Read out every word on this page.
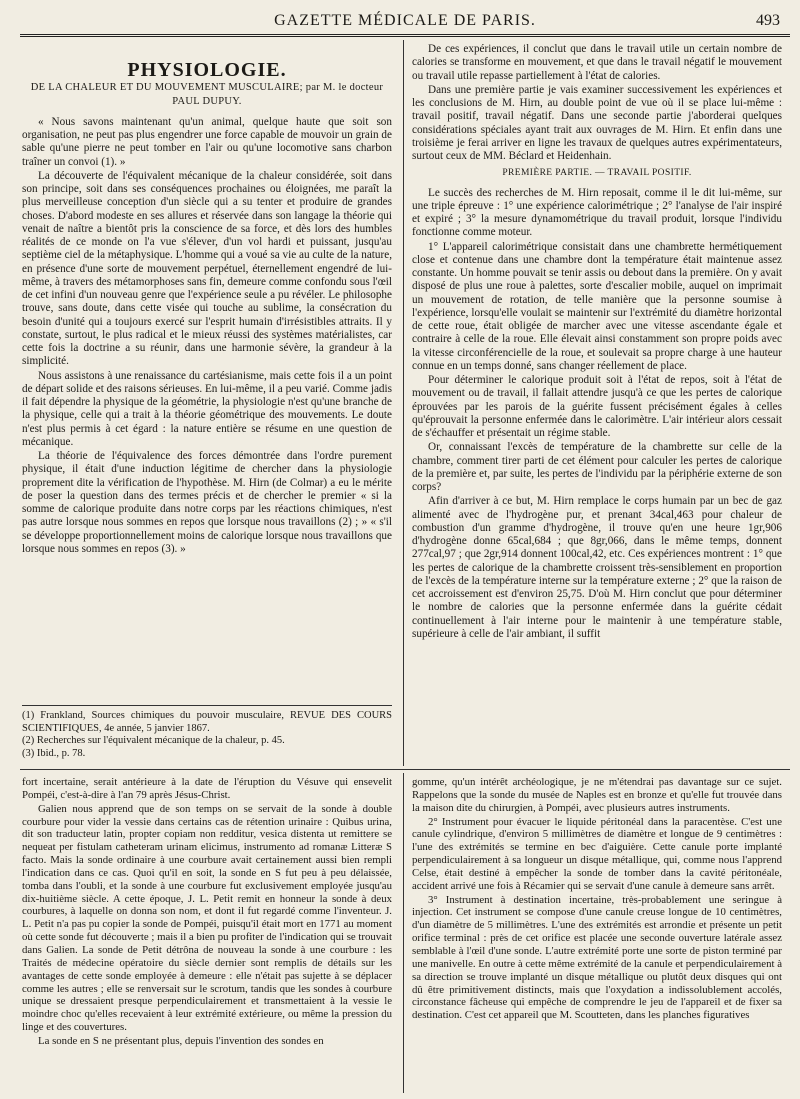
GAZETTE MÉDICALE DE PARIS.	493
PHYSIOLOGIE.
DE LA CHALEUR ET DU MOUVEMENT MUSCULAIRE; par M. le docteur PAUL DUPUY.

« Nous savons maintenant qu'un animal, quelque haute que soit son organisation, ne peut pas plus engendrer une force capable de mouvoir un grain de sable qu'une pierre ne peut tomber en l'air ou qu'une locomotive sans charbon traîner un convoi (1). »

La découverte de l'équivalent mécanique de la chaleur considérée, soit dans son principe, soit dans ses conséquences prochaines ou éloignées, me paraît la plus merveilleuse conception d'un siècle qui a su tenter et produire de grandes choses. D'abord modeste en ses allures et réservée dans son langage la théorie qui venait de naître a bientôt pris la conscience de sa force, et dès lors des humbles réalités de ce monde on l'a vue s'élever, d'un vol hardi et puissant, jusqu'au septième ciel de la métaphysique. L'homme qui a voué sa vie au culte de la nature, en présence d'une sorte de mouvement perpétuel, éternellement engendré de lui-même, à travers des métamorphoses sans fin, demeure comme confondu sous l'œil de cet infini d'un nouveau genre que l'expérience seule a pu révéler. Le philosophe trouve, sans doute, dans cette visée qui touche au sublime, la consécration du besoin d'unité qui a toujours exercé sur l'esprit humain d'irrésistibles attraits. Il y constate, surtout, le plus radical et le mieux réussi des systèmes matérialistes, car cette fois la doctrine a su réunir, dans une harmonie sévère, la grandeur à la simplicité.

Nous assistons à une renaissance du cartésianisme, mais cette fois il a un point de départ solide et des raisons sérieuses. En lui-même, il a peu varié. Comme jadis il fait dépendre la physique de la géométrie, la physiologie n'est qu'une branche de la physique, celle qui a trait à la théorie géométrique des mouvements. Le doute n'est plus permis à cet égard : la nature entière se résume en une question de mécanique.

La théorie de l'équivalence des forces démontrée dans l'ordre purement physique, il était d'une induction légitime de chercher dans la physiologie proprement dite la vérification de l'hypothèse. M. Hirn (de Colmar) a eu le mérite de poser la question dans des termes précis et de chercher le premier « si la somme de calorique produite dans notre corps par les réactions chimiques, n'est pas autre lorsque nous sommes en repos que lorsque nous travaillons (2) ; » « s'il se développe proportionnellement moins de calorique lorsque nous travaillons que lorsque nous sommes en repos (3). »

(1) Frankland, Sources chimiques du pouvoir musculaire, REVUE DES COURS SCIENTIFIQUES, 4e année, 5 janvier 1867.
(2) Recherches sur l'équivalent mécanique de la chaleur, p. 45.
(3) Ibid., p. 78.

De ces expériences, il conclut que dans le travail utile un certain nombre de calories se transforme en mouvement, et que dans le travail négatif le mouvement ou travail utile repasse partiellement à l'état de calories.

Dans une première partie je vais examiner successivement les expériences et les conclusions de M. Hirn, au double point de vue où il se place lui-même : travail positif, travail négatif. Dans une seconde partie j'aborderai quelques considérations spéciales ayant trait aux ouvrages de M. Hirn. Et enfin dans une troisième je ferai arriver en ligne les travaux de quelques autres expérimentateurs, surtout ceux de MM. Béclard et Heidenhain.

PREMIÈRE PARTIE. — TRAVAIL POSITIF.

Le succès des recherches de M. Hirn reposait, comme il le dit lui-même, sur une triple épreuve : 1° une expérience calorimétrique ; 2° l'analyse de l'air inspiré et expiré ; 3° la mesure dynamométrique du travail produit, lorsque l'individu fonctionne comme moteur.

1° L'appareil calorimétrique consistait dans une chambrette hermétiquement close et contenue dans une chambre dont la température était maintenue assez constante. Un homme pouvait se tenir assis ou debout dans la première. On y avait disposé de plus une roue à palettes, sorte d'escalier mobile, auquel on imprimait un mouvement de rotation, de telle manière que la personne soumise à l'expérience, lorsqu'elle voulait se maintenir sur l'extrémité du diamètre horizontal de cette roue, était obligée de marcher avec une vitesse ascendante égale et contraire à celle de la roue. Elle élevait ainsi constamment son propre poids avec la vitesse circonférencielle de la roue, et soulevait sa propre charge à une hauteur connue en un temps donné, sans changer réellement de place.

Pour déterminer le calorique produit soit à l'état de repos, soit à l'état de mouvement ou de travail, il fallait attendre jusqu'à ce que les pertes de calorique éprouvées par les parois de la guérite fussent précisément égales à celles qu'éprouvait la personne enfermée dans le calorimètre. L'air intérieur alors cessait de s'échauffer et présentait un régime stable.

Or, connaissant l'excès de température de la chambrette sur celle de la chambre, comment tirer parti de cet élément pour calculer les pertes de calorique de la première et, par suite, les pertes de l'individu par la périphérie externe de son corps?

Afin d'arriver à ce but, M. Hirn remplace le corps humain par un bec de gaz alimenté avec de l'hydrogène pur, et prenant 34cal,463 pour chaleur de combustion d'un gramme d'hydrogène, il trouve qu'en une heure 1gr,906 d'hydrogène donne 65cal,684 ; que 8gr,066, dans le même temps, donnent 277cal,97 ; que 2gr,914 donnent 100cal,42, etc. Ces expériences montrent : 1° que les pertes de calorique de la chambrette croissent très-sensiblement en proportion de l'excès de la température interne sur la température externe ; 2° que la raison de cet accroissement est d'environ 25,75. D'où M. Hirn conclut que pour déterminer le nombre de calories que la personne enfermée dans la guérite cédait continuellement à l'air interne pour le maintenir à une température stable, supérieure à celle de l'air ambiant, il suffit

fort incertaine, serait antérieure à la date de l'éruption du Vésuve qui ensevelit Pompéi, c'est-à-dire à l'an 79 après Jésus-Christ.

Galien nous apprend que de son temps on se servait de la sonde à double courbure pour vider la vessie dans certains cas de rétention urinaire : Quibus urina, dit son traducteur latin, propter copiam non redditur, vesica distenta ut remittere se nequeat per fistulam catheteram urinam elicimus, instrumento ad romanæ Litteræ S facto. Mais la sonde ordinaire à une courbure avait certainement aussi bien rempli l'indication dans ce cas. Quoi qu'il en soit, la sonde en S fut peu à peu délaissée, tomba dans l'oubli, et la sonde à une courbure fut exclusivement employée jusqu'au dix-huitième siècle. A cette époque, J. L. Petit remit en honneur la sonde à deux courbures, à laquelle on donna son nom, et dont il fut regardé comme l'inventeur. J. L. Petit n'a pas pu copier la sonde de Pompéi, puisqu'il était mort en 1771 au moment où cette sonde fut découverte ; mais il a bien pu profiter de l'indication qui se trouvait dans Galien. La sonde de Petit détrôna de nouveau la sonde à une courbure : les Traités de médecine opératoire du siècle dernier sont remplis de détails sur les avantages de cette sonde employée à demeure : elle n'était pas sujette à se déplacer comme les autres ; elle se renversait sur le scrotum, tandis que les sondes à courbure unique se dressaient presque perpendiculairement et transmettaient à la vessie le moindre choc qu'elles recevaient à leur extrémité extérieure, ou même la pression du linge et des couvertures.

La sonde en S ne présentant plus, depuis l'invention des sondes en

gomme, qu'un intérêt archéologique, je ne m'étendrai pas davantage sur ce sujet. Rappelons que la sonde du musée de Naples est en bronze et qu'elle fut trouvée dans la maison dite du chirurgien, à Pompéi, avec plusieurs autres instruments.

2° Instrument pour évacuer le liquide péritonéal dans la paracentèse. C'est une canule cylindrique, d'environ 5 millimètres de diamètre et longue de 9 centimètres : l'une des extrémités se termine en bec d'aiguière. Cette canule porte implanté perpendiculairement à sa longueur un disque métallique, qui, comme nous l'apprend Celse, était destiné à empêcher la sonde de tomber dans la cavité péritonéale, accident arrivé une fois à Récamier qui se servait d'une canule à demeure sans arrêt.

3° Instrument à destination incertaine, très-probablement une seringue à injection. Cet instrument se compose d'une canule creuse longue de 10 centimètres, d'un diamètre de 5 millimètres. L'une des extrémités est arrondie et présente un petit orifice terminal : près de cet orifice est placée une seconde ouverture latérale assez semblable à l'œil d'une sonde. L'autre extrémité porte une sorte de piston terminé par une manivelle. En outre à cette même extrémité de la canule et perpendiculairement à sa direction se trouve implanté un disque métallique ou plutôt deux disques qui ont dû être primitivement distincts, mais que l'oxydation a indissolublement accolés, circonstance fâcheuse qui empêche de comprendre le jeu de l'appareil et de fixer sa destination. C'est cet appareil que M. Scoutteten, dans les planches figuratives
